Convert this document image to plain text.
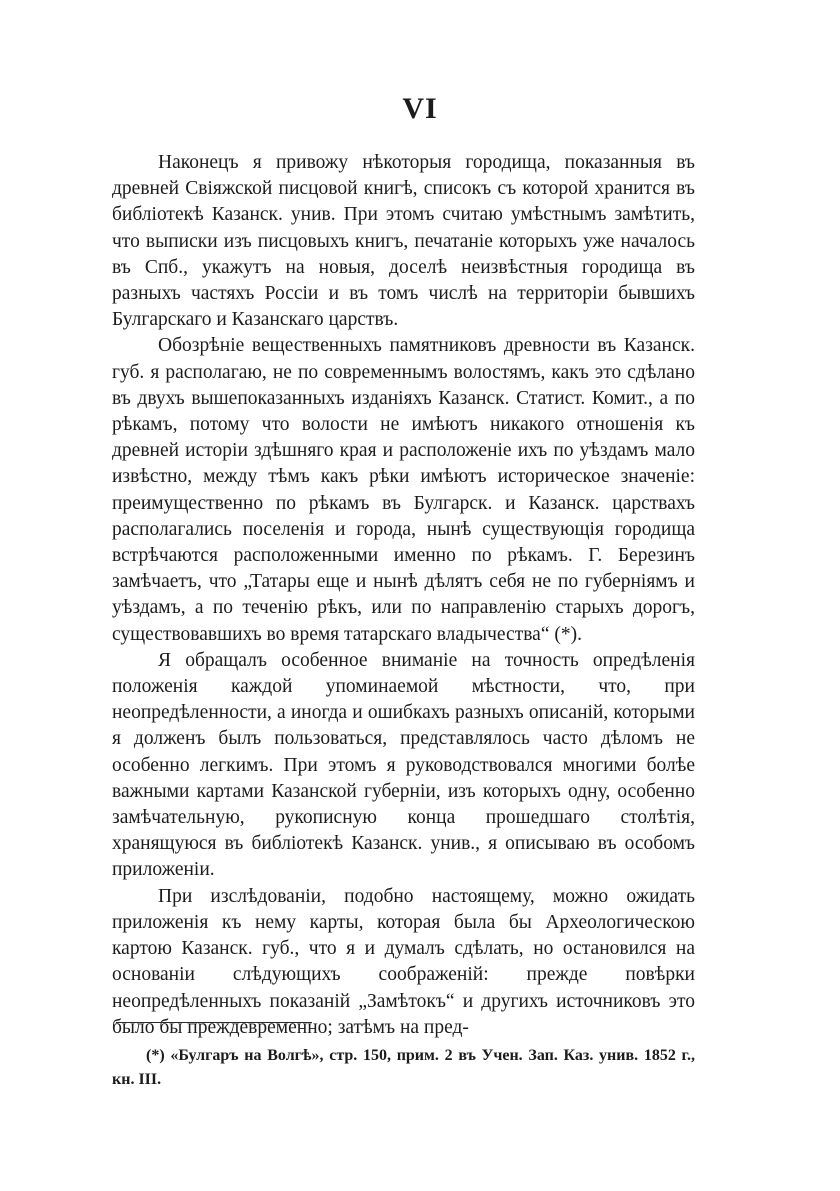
VI

Наконецъ я привожу нѣкоторыя городища, показанныя въ древней Свіяжской писцовой книгѣ, списокъ съ которой хранится въ библіотекѣ Казанск. унив. При этомъ считаю умѣстнымъ замѣтить, что выписки изъ писцовыхъ книгъ, печатаніе которыхъ уже началось въ Спб., укажутъ на новыя, доселѣ неизвѣстныя городища въ разныхъ частяхъ Россіи и въ томъ числѣ на территоріи бывшихъ Булгарскаго и Казанскаго царствъ.

Обозрѣніе вещественныхъ памятниковъ древности въ Казанск. губ. я располагаю, не по современнымъ волостямъ, какъ это сдѣлано въ двухъ вышепоказанныхъ изданіяхъ Казанск. Статист. Комит., а по рѣкамъ, потому что волости не имѣютъ никакого отношенія къ древней исторіи здѣшняго края и расположеніе ихъ по уѣздамъ мало извѣстно, между тѣмъ какъ рѣки имѣютъ историческое значеніе: преимущественно по рѣкамъ въ Булгарск. и Казанск. царствахъ располагались поселенія и города, нынѣ существующія городища встрѣчаются расположенными именно по рѣкамъ. Г. Березинъ замѣчаетъ, что „Татары еще и нынѣ дѣлятъ себя не по губерніямъ и уѣздамъ, а по теченію рѣкъ, или по направленію старыхъ дорогъ, существовавшихъ во время татарскаго владычества“ (*).

Я обращалъ особенное вниманіе на точность опредѣленія положенія каждой упоминаемой мѣстности, что, при неопредѣленности, а иногда и ошибкахъ разныхъ описаній, которыми я долженъ былъ пользоваться, представлялось часто дѣломъ не особенно легкимъ. При этомъ я руководствовался многими болѣе важными картами Казанской губерніи, изъ которыхъ одну, особенно замѣчательную, рукописную конца прошедшаго столѣтія, хранящуюся въ библіотекѣ Казанск. унив., я описываю въ особомъ приложеніи.

При изслѣдованіи, подобно настоящему, можно ожидать приложенія къ нему карты, которая была бы Археологическою картою Казанск. губ., что я и думалъ сдѣлать, но остановился на основаніи слѣдующихъ соображеній: прежде повѣрки неопредѣленныхъ показаній „Замѣтокъ“ и другихъ источниковъ это было бы преждевременно; затѣмъ на пред-

(*) «Булгаръ на Волгѣ», стр. 150, прим. 2 въ Учен. Зап. Каз. унив. 1852 г., кн. III.
